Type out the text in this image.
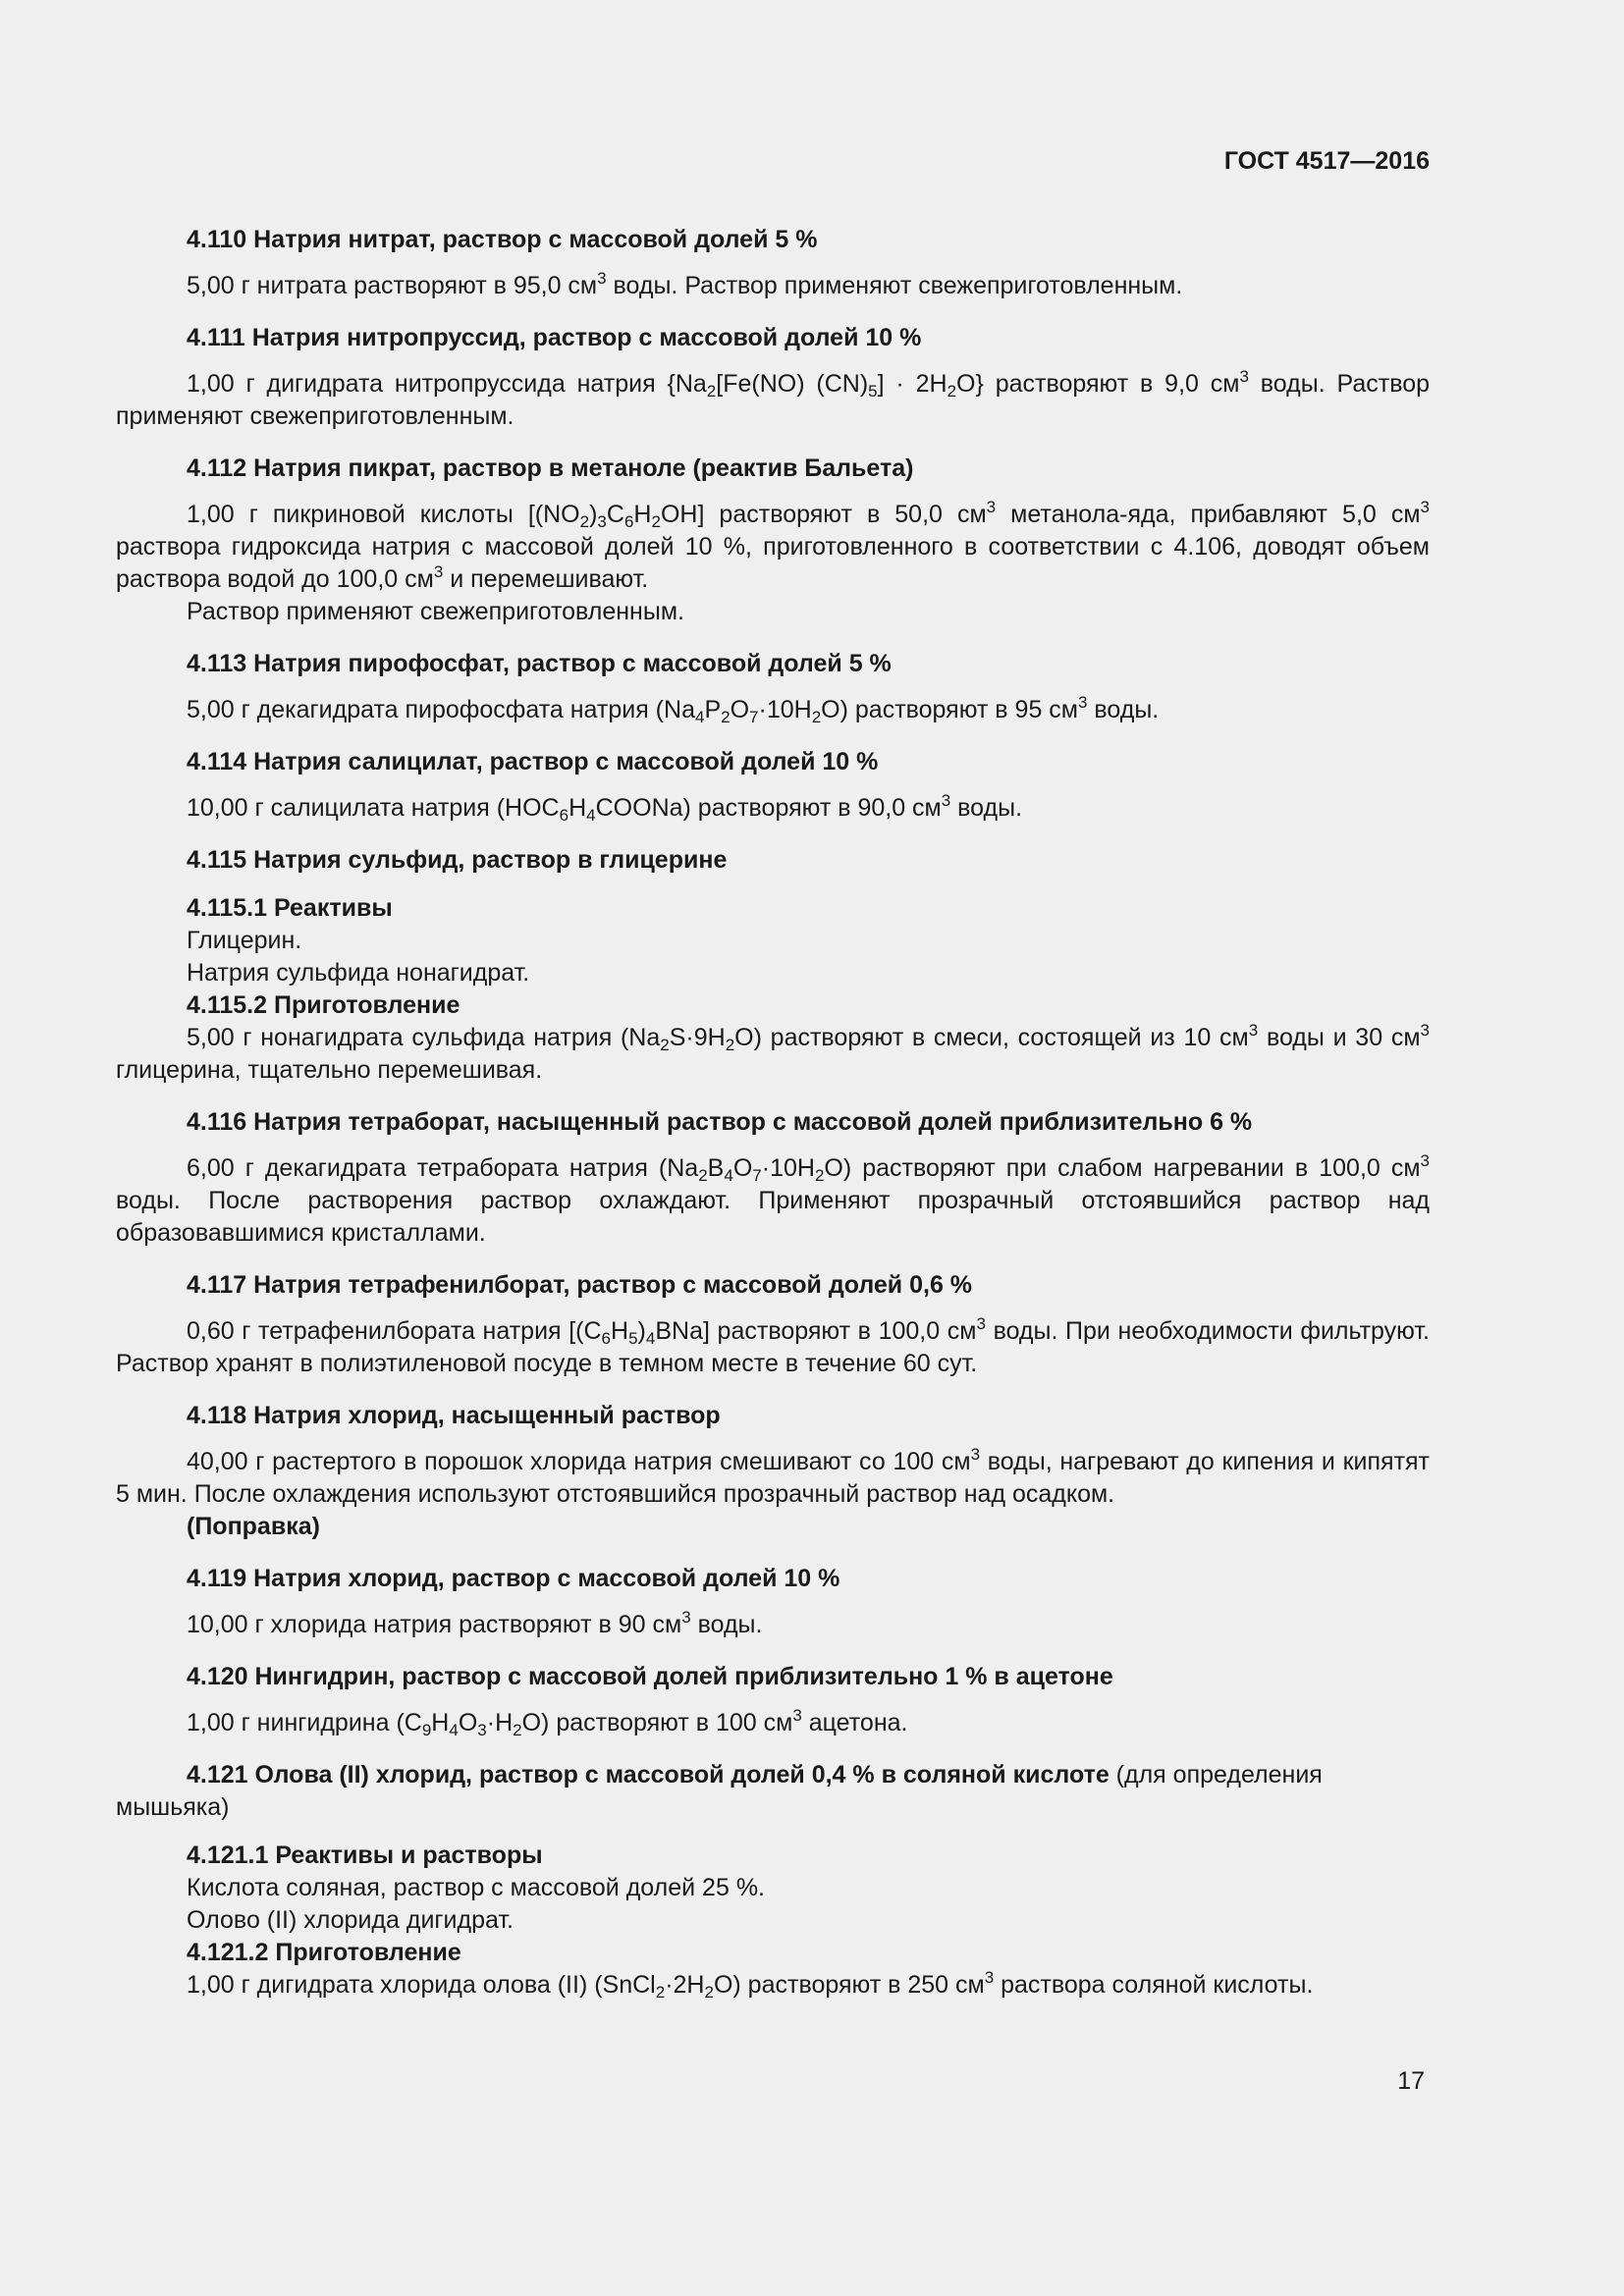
ГОСТ 4517—2016
4.110 Натрия нитрат, раствор с массовой долей 5 %
5,00 г нитрата растворяют в 95,0 $см^3$ воды. Раствор применяют свежеприготовленным.
4.111 Натрия нитропруссид, раствор с массовой долей 10 %
1,00 г дигидрата нитропруссида натрия $\{Na_2[Fe(NO) (CN)_5] \cdot 2H_2O\}$ растворяют в 9,0 $см^3$ воды. Раствор применяют свежеприготовленным.
4.112 Натрия пикрат, раствор в метаноле (реактив Бальета)
1,00 г пикриновой кислоты $[(NO_2)_3C_6H_2OH]$ растворяют в 50,0 $см^3$ метанола-яда, прибавляют 5,0 $см^3$ раствора гидроксида натрия с массовой долей 10 %, приготовленного в соответствии с 4.106, доводят объем раствора водой до 100,0 $см^3$ и перемешивают.
Раствор применяют свежеприготовленным.
4.113 Натрия пирофосфат, раствор с массовой долей 5 %
5,00 г декагидрата пирофосфата натрия $(Na_4P_2O_7\cdot 10H_2O)$ растворяют в 95 $см^3$ воды.
4.114 Натрия салицилат, раствор с массовой долей 10 %
10,00 г салицилата натрия $(HOC_6H_4COONa)$ растворяют в 90,0 $см^3$ воды.
4.115 Натрия сульфид, раствор в глицерине
4.115.1 Реактивы
Глицерин.
Натрия сульфида нонагидрат.
4.115.2 Приготовление
5,00 г нонагидрата сульфида натрия $(Na_2S\cdot 9H_2O)$ растворяют в смеси, состоящей из 10 $см^3$ воды и 30 $см^3$ глицерина, тщательно перемешивая.
4.116 Натрия тетраборат, насыщенный раствор с массовой долей приблизительно 6 %
6,00 г декагидрата тетрабората натрия $(Na_2B_4O_7\cdot 10H_2O)$ растворяют при слабом нагревании в 100,0 $см^3$ воды. После растворения раствор охлаждают. Применяют прозрачный отстоявшийся раствор над образовавшимися кристаллами.
4.117 Натрия тетрафенилборат, раствор с массовой долей 0,6 %
0,60 г тетрафенилбората натрия $[(C_6H_5)_4BNa]$ растворяют в 100,0 $см^3$ воды. При необходимости фильтруют. Раствор хранят в полиэтиленовой посуде в темном месте в течение 60 сут.
4.118 Натрия хлорид, насыщенный раствор
40,00 г растертого в порошок хлорида натрия смешивают со 100 $см^3$ воды, нагревают до кипения и кипятят 5 мин. После охлаждения используют отстоявшийся прозрачный раствор над осадком.
(Поправка)
4.119 Натрия хлорид, раствор с массовой долей 10 %
10,00 г хлорида натрия растворяют в 90 $см^3$ воды.
4.120 Нингидрин, раствор с массовой долей приблизительно 1 % в ацетоне
1,00 г нингидрина $(C_9H_4O_3\cdot H_2O)$ растворяют в 100 $см^3$ ацетона.
4.121 Олова (II) хлорид, раствор с массовой долей 0,4 % в соляной кислоте (для определения мышьяка)
4.121.1 Реактивы и растворы
Кислота соляная, раствор с массовой долей 25 %.
Олово (II) хлорида дигидрат.
4.121.2 Приготовление
1,00 г дигидрата хлорида олова (II) $(SnCl_2\cdot 2H_2O)$ растворяют в 250 $см^3$ раствора соляной кислоты.
17
